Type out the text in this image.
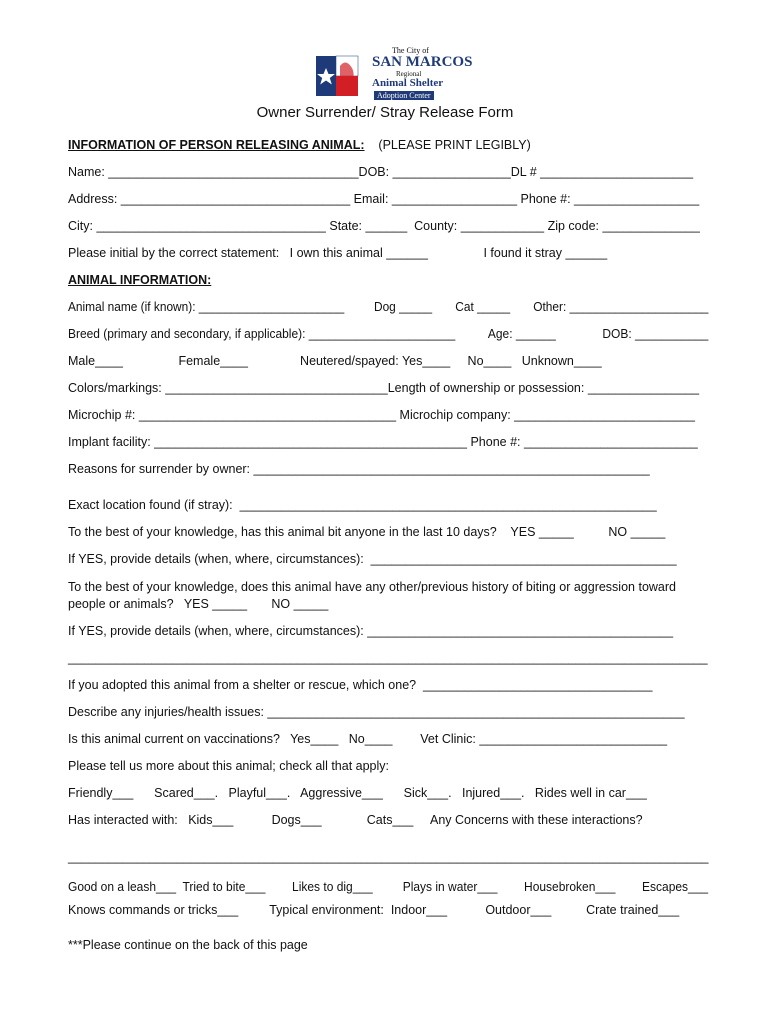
The City of
SAN MARCOS
Regional
Animal Shelter
Adoption Center
Owner Surrender/ Stray Release Form
INFORMATION OF PERSON RELEASING ANIMAL:    (PLEASE PRINT LEGIBLY)
Name: ____________________________________DOB: _________________DL # ______________________
Address: _________________________________ Email: __________________ Phone #: __________________
City: _________________________________ State: ______  County: ____________ Zip code: ______________
Please initial by the correct statement:   I own this animal ______                I found it stray ______
ANIMAL INFORMATION:
Animal name (if known): ______________________         Dog _____       Cat _____       Other: _____________________
Breed (primary and secondary, if applicable): ______________________          Age: ______              DOB: ___________
Male____                Female____               Neutered/spayed: Yes____     No____   Unknown____
Colors/markings: ________________________________Length of ownership or possession: ________________
Microchip #: _____________________________________ Microchip company: __________________________
Implant facility: _____________________________________________ Phone #: _________________________
Reasons for surrender by owner: _________________________________________________________
Exact location found (if stray):  ____________________________________________________________
To the best of your knowledge, has this animal bit anyone in the last 10 days?    YES _____          NO _____
If YES, provide details (when, where, circumstances):  ____________________________________________
To the best of your knowledge, does this animal have any other/previous history of biting or aggression toward
people or animals?   YES _____       NO _____
If YES, provide details (when, where, circumstances): ____________________________________________
____________________________________________________________________________________________
If you adopted this animal from a shelter or rescue, which one?  _________________________________
Describe any injuries/health issues: ____________________________________________________________
Is this animal current on vaccinations?   Yes____   No____        Vet Clinic: ___________________________
Please tell us more about this animal; check all that apply:
Friendly___      Scared___.   Playful___.   Aggressive___      Sick___.   Injured___.   Rides well in car___
Has interacted with:   Kids___           Dogs___             Cats___     Any Concerns with these interactions?
______________________________________________________________________________________________
Good on a leash___  Tried to bite___        Likes to dig___         Plays in water___        Housebroken___        Escapes___
Knows commands or tricks___         Typical environment:  Indoor___           Outdoor___          Crate trained___
***Please continue on the back of this page
